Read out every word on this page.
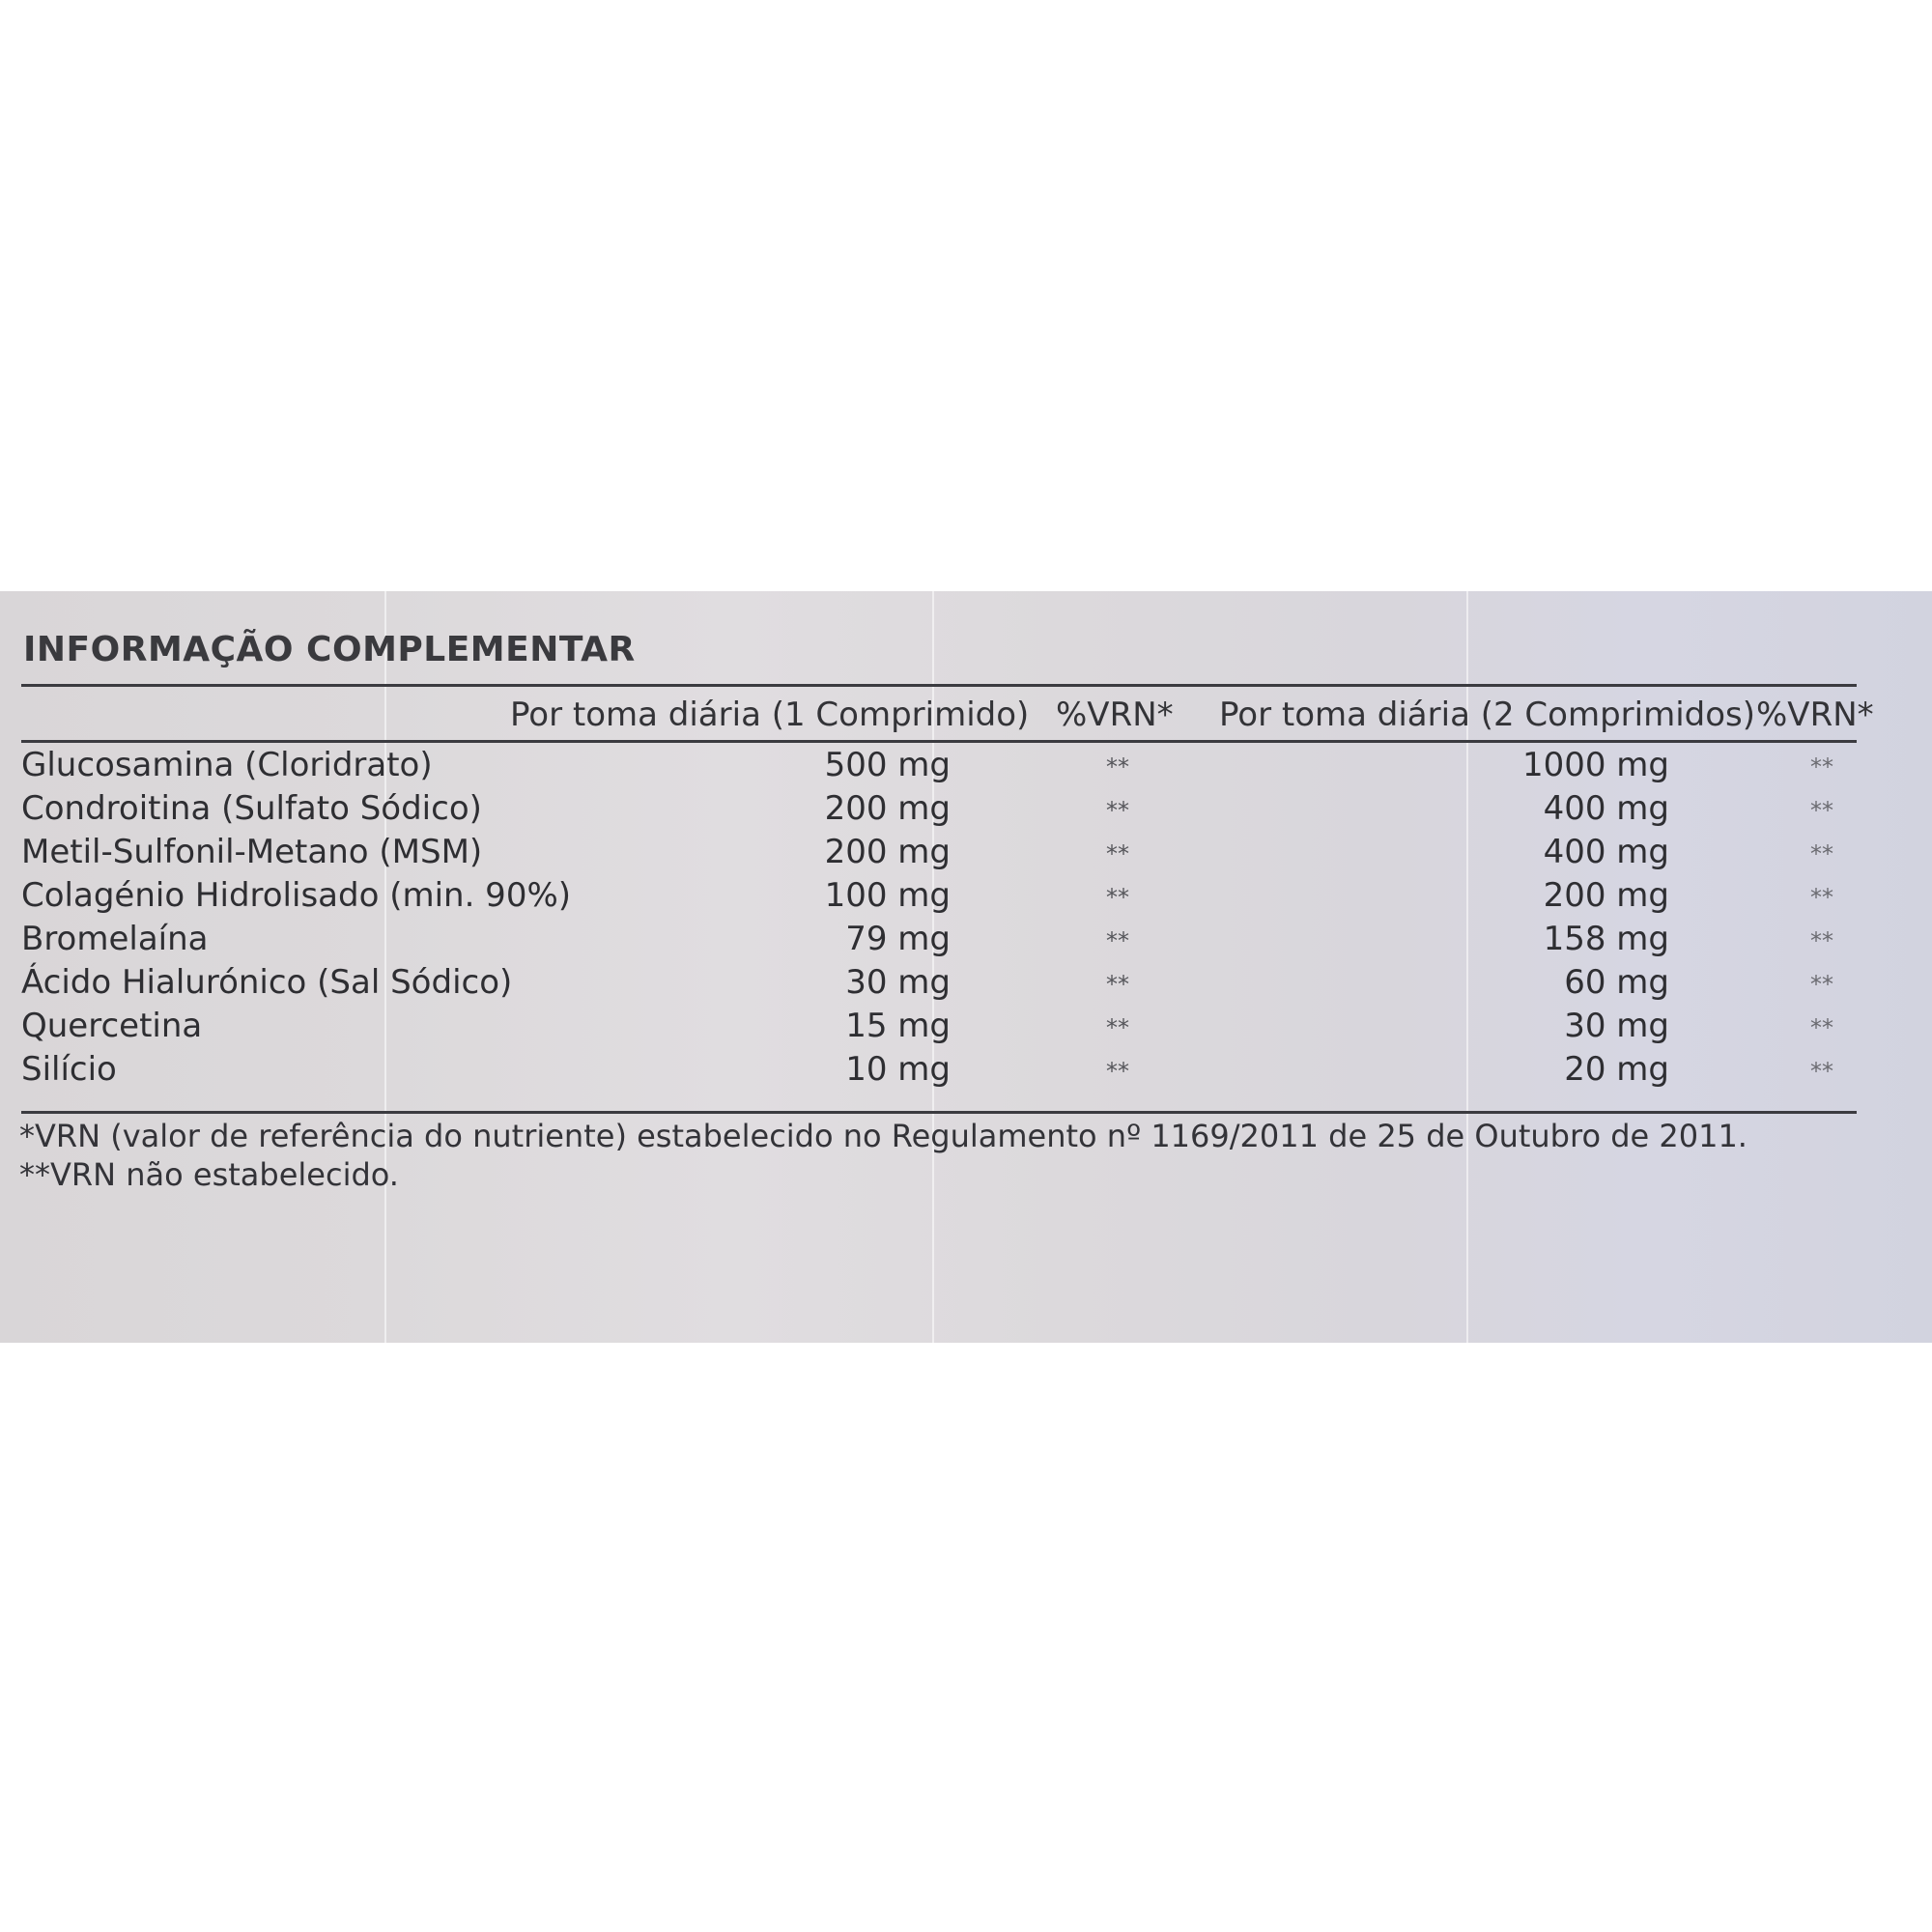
INFORMAÇÃO COMPLEMENTAR
Por toma diária (1 Comprimido) %VRN* Por toma diária (2 Comprimidos) %VRN*
Glucosamina (Cloridrato)	500 mg	**	1000 mg	**
Condroitina (Sulfato Sódico)	200 mg	**	400 mg	**
Metil-Sulfonil-Metano (MSM)	200 mg	**	400 mg	**
Colagénio Hidrolisado (min. 90%)	100 mg	**	200 mg	**
Bromelaína	79 mg	**	158 mg	**
Ácido Hialurónico (Sal Sódico)	30 mg	**	60 mg	**
Quercetina	15 mg	**	30 mg	**
Silício	10 mg	**	20 mg	**
*VRN (valor de referência do nutriente) estabelecido no Regulamento nº 1169/2011 de 25 de Outubro de 2011.
**VRN não estabelecido.
